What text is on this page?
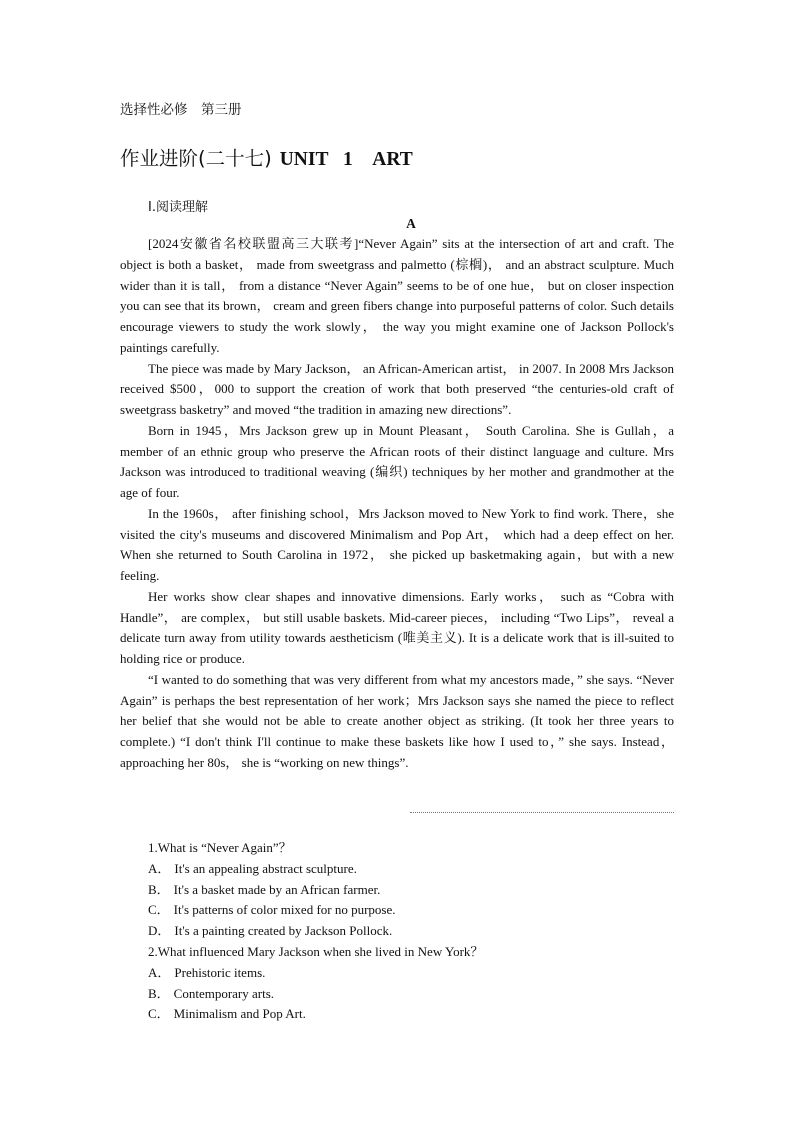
选择性必修　第三册
作业进阶(二十七) UNIT 1　ART
Ⅰ.阅读理解
A

[2024安徽省名校联盟高三大联考]“Never Again” sits at the intersection of art and craft. The object is both a basket， made from sweetgrass and palmetto (棕榈)， and an abstract sculpture. Much wider than it is tall， from a distance “Never Again” seems to be of one hue， but on closer inspection you can see that its brown， cream and green fibers change into purposeful patterns of color. Such details encourage viewers to study the work slowly， the way you might examine one of Jackson Pollock's paintings carefully.

The piece was made by Mary Jackson， an African-American artist， in 2007. In 2008 Mrs Jackson received $500，000 to support the creation of work that both preserved “the centuries-old craft of sweetgrass basketry” and moved “the tradition in amazing new directions”.

Born in 1945，Mrs Jackson grew up in Mount Pleasant， South Carolina. She is Gullah，a member of an ethnic group who preserve the African roots of their distinct language and culture. Mrs Jackson was introduced to traditional weaving (编织) techniques by her mother and grandmother at the age of four.

In the 1960s， after finishing school，Mrs Jackson moved to New York to find work. There，she visited the city's museums and discovered Minimalism and Pop Art， which had a deep effect on her. When she returned to South Carolina in 1972， she picked up basketmaking again，but with a new feeling.

Her works show clear shapes and innovative dimensions. Early works， such as “Cobra with Handle”， are complex， but still usable baskets. Mid-career pieces， including “Two Lips”， reveal a delicate turn away from utility towards aestheticism (唯美主义). It is a delicate work that is ill-suited to holding rice or produce.

“I wanted to do something that was very different from what my ancestors made，” she says. “Never Again” is perhaps the best representation of her work；Mrs Jackson says she named the piece to reflect her belief that she would not be able to create another object as striking. (It took her three years to complete.) “I don't think I'll continue to make these baskets like how I used to，” she says. Instead， approaching her 80s， she is “working on new things”.

1.What is “Never Again”？
A． It's an appealing abstract sculpture.
B． It's a basket made by an African farmer.
C． It's patterns of color mixed for no purpose.
D． It's a painting created by Jackson Pollock.
2.What influenced Mary Jackson when she lived in New York？
A． Prehistoric items.
B． Contemporary arts.
C． Minimalism and Pop Art.
